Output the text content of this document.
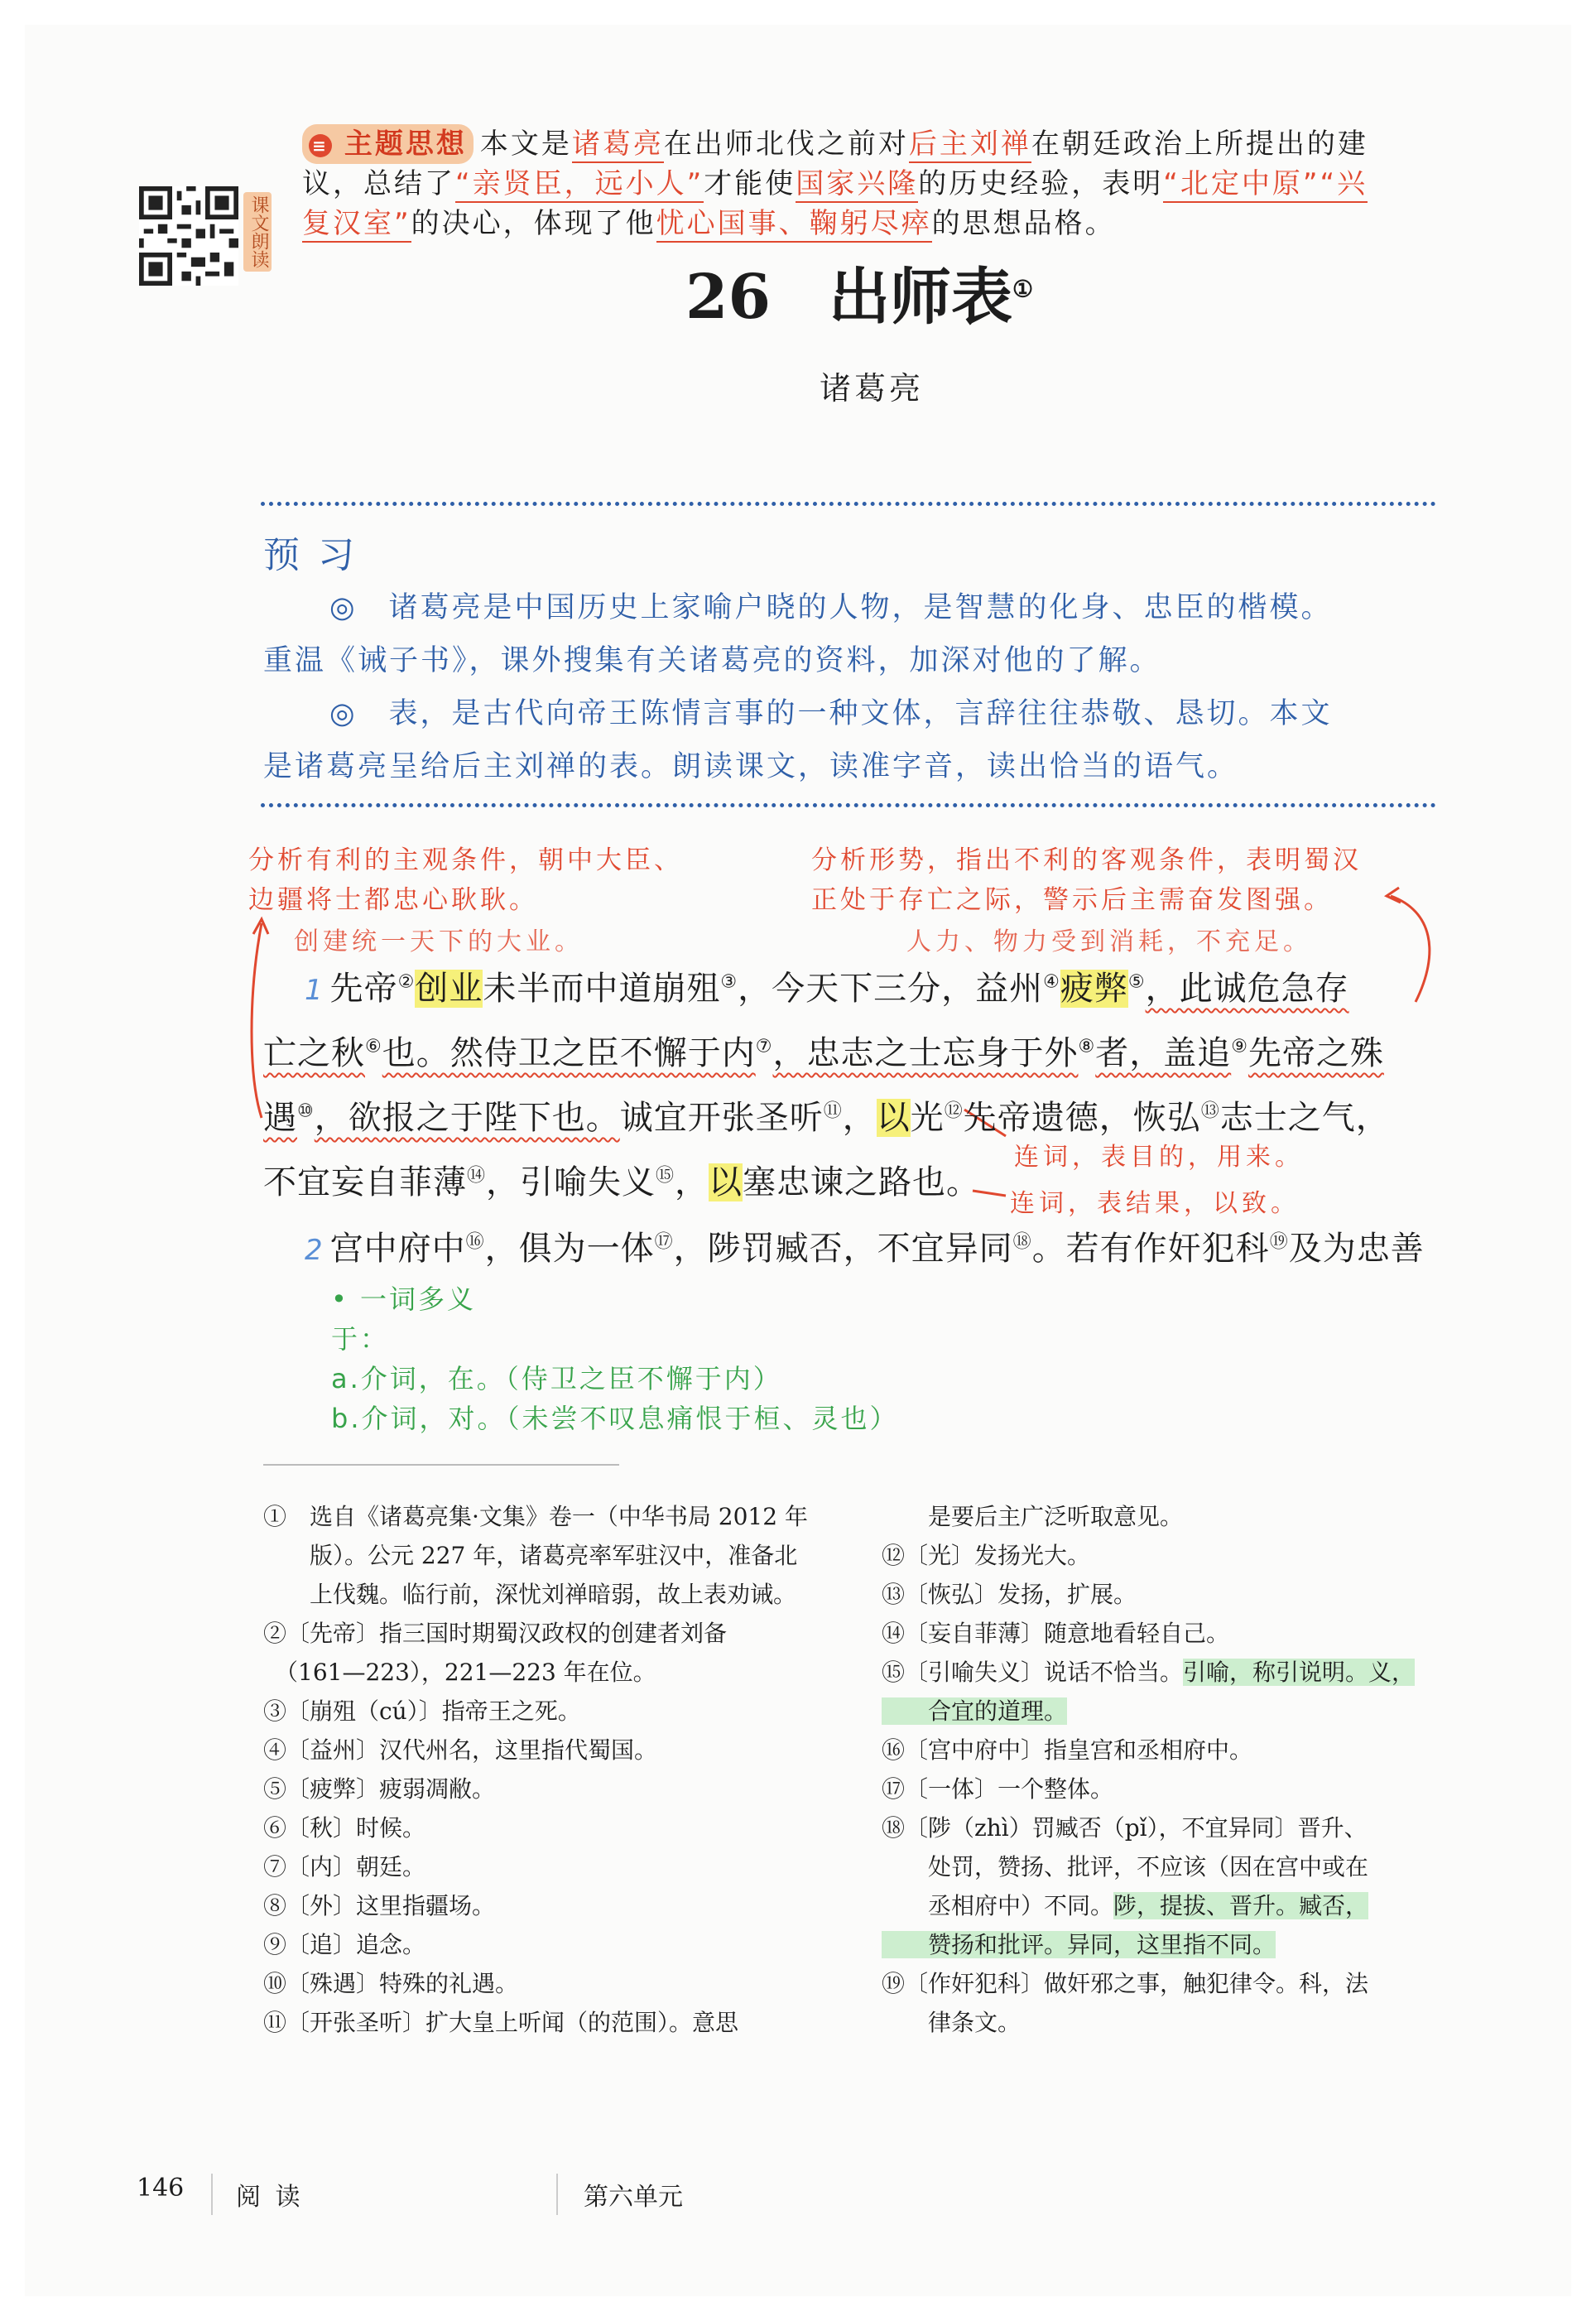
课文朗读
≡ 主题思想 本文是诸葛亮在出师北伐之前对后主刘禅在朝廷政治上所提出的建
议，总结了“亲贤臣，远小人”才能使国家兴隆的历史经验，表明“北定中原”“兴
复汉室”的决心，体现了他忧心国事、鞠躬尽瘁的思想品格。
26 出师表①
诸葛亮
预 习
◎　诸葛亮是中国历史上家喻户晓的人物，是智慧的化身、忠臣的楷模。
重温《诫子书》，课外搜集有关诸葛亮的资料，加深对他的了解。
◎　表，是古代向帝王陈情言事的一种文体，言辞往往恭敬、恳切。本文
是诸葛亮呈给后主刘禅的表。朗读课文，读准字音，读出恰当的语气。
分析有利的主观条件，朝中大臣、
边疆将士都忠心耿耿。
创建统一天下的大业。
分析形势，指出不利的客观条件，表明蜀汉
正处于存亡之际，警示后主需奋发图强。
人力、物力受到消耗，不充足。
1 先帝②创业未半而中道崩殂③，今天下三分，益州④疲弊⑤，此诚危急存
亡之秋⑥也。然侍卫之臣不懈于内⑦，忠志之士忘身于外⑧者，盖追⑨先帝之殊
遇⑩，欲报之于陛下也。诚宜开张圣听⑪，以光⑫先帝遗德，恢弘⑬志士之气，
连词，表目的，用来。
不宜妄自菲薄⑭，引喻失义⑮，以塞忠谏之路也。
连词，表结果，以致。
2 宫中府中⑯，俱为一体⑰，陟罚臧否，不宜异同⑱。若有作奸犯科⑲及为忠善
• 一词多义
于：
a.介词，在。（侍卫之臣不懈于内）
b.介词，对。（未尝不叹息痛恨于桓、灵也）
①　选自《诸葛亮集·文集》卷一（中华书局 2012 年
　　版）。公元 227 年，诸葛亮率军驻汉中，准备北
　　上伐魏。临行前，深忧刘禅暗弱，故上表劝诫。
②〔先帝〕指三国时期蜀汉政权的创建者刘备
　（161—223），221—223 年在位。
③〔崩殂（cú）〕指帝王之死。
④〔益州〕汉代州名，这里指代蜀国。
⑤〔疲弊〕疲弱凋敝。
⑥〔秋〕时候。
⑦〔内〕朝廷。
⑧〔外〕这里指疆场。
⑨〔追〕追念。
⑩〔殊遇〕特殊的礼遇。
⑪〔开张圣听〕扩大皇上听闻（的范围）。意思
　　是要后主广泛听取意见。
⑫〔光〕发扬光大。
⑬〔恢弘〕发扬，扩展。
⑭〔妄自菲薄〕随意地看轻自己。
⑮〔引喻失义〕说话不恰当。引喻，称引说明。义，
　　合宜的道理。
⑯〔宫中府中〕指皇宫和丞相府中。
⑰〔一体〕一个整体。
⑱〔陟（zhì）罚臧否（pǐ），不宜异同〕晋升、
　　处罚，赞扬、批评，不应该（因在宫中或在
　　丞相府中）不同。陟，提拔、晋升。臧否，
　　赞扬和批评。异同，这里指不同。
⑲〔作奸犯科〕做奸邪之事，触犯律令。科，法
　　律条文。
146 阅 读	第六单元
